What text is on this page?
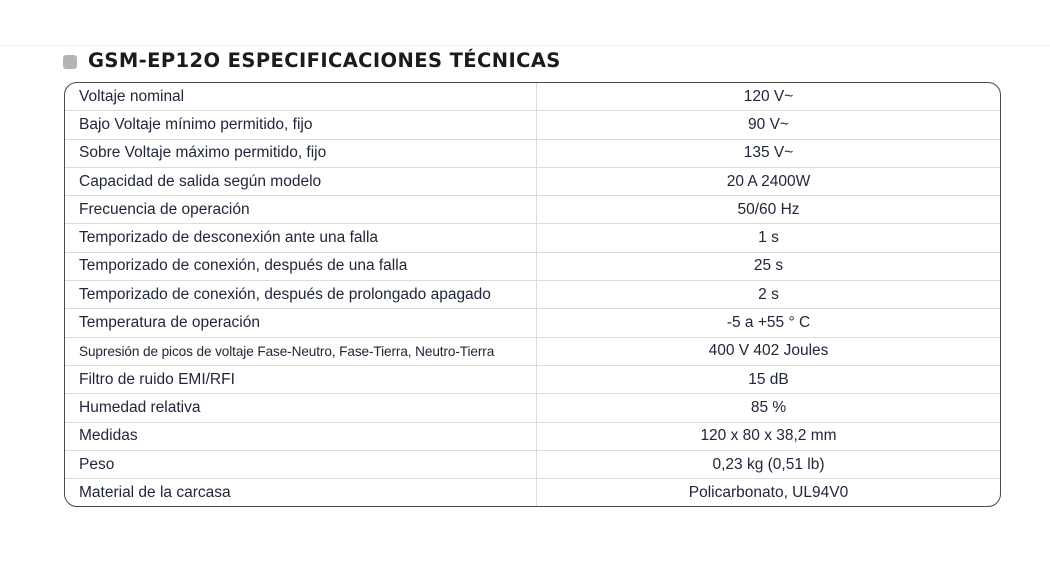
GSM-EP12O ESPECIFICACIONES TÉCNICAS
Voltaje nominal	120 V~
Bajo Voltaje mínimo permitido, fijo	90 V~
Sobre Voltaje máximo permitido, fijo	135 V~
Capacidad de salida según modelo	20 A 2400W
Frecuencia de operación	50/60 Hz
Temporizado de desconexión ante una falla	1 s
Temporizado de conexión, después de una falla	25 s
Temporizado de conexión, después de prolongado apagado	2 s
Temperatura de operación	-5 a +55 ° C
Supresión de picos de voltaje Fase-Neutro, Fase-Tierra, Neutro-Tierra	400 V 402 Joules
Filtro de ruido EMI/RFI	15 dB
Humedad relativa	85 %
Medidas	120 x 80 x 38,2 mm
Peso	0,23 kg (0,51 lb)
Material de la carcasa	Policarbonato, UL94V0
